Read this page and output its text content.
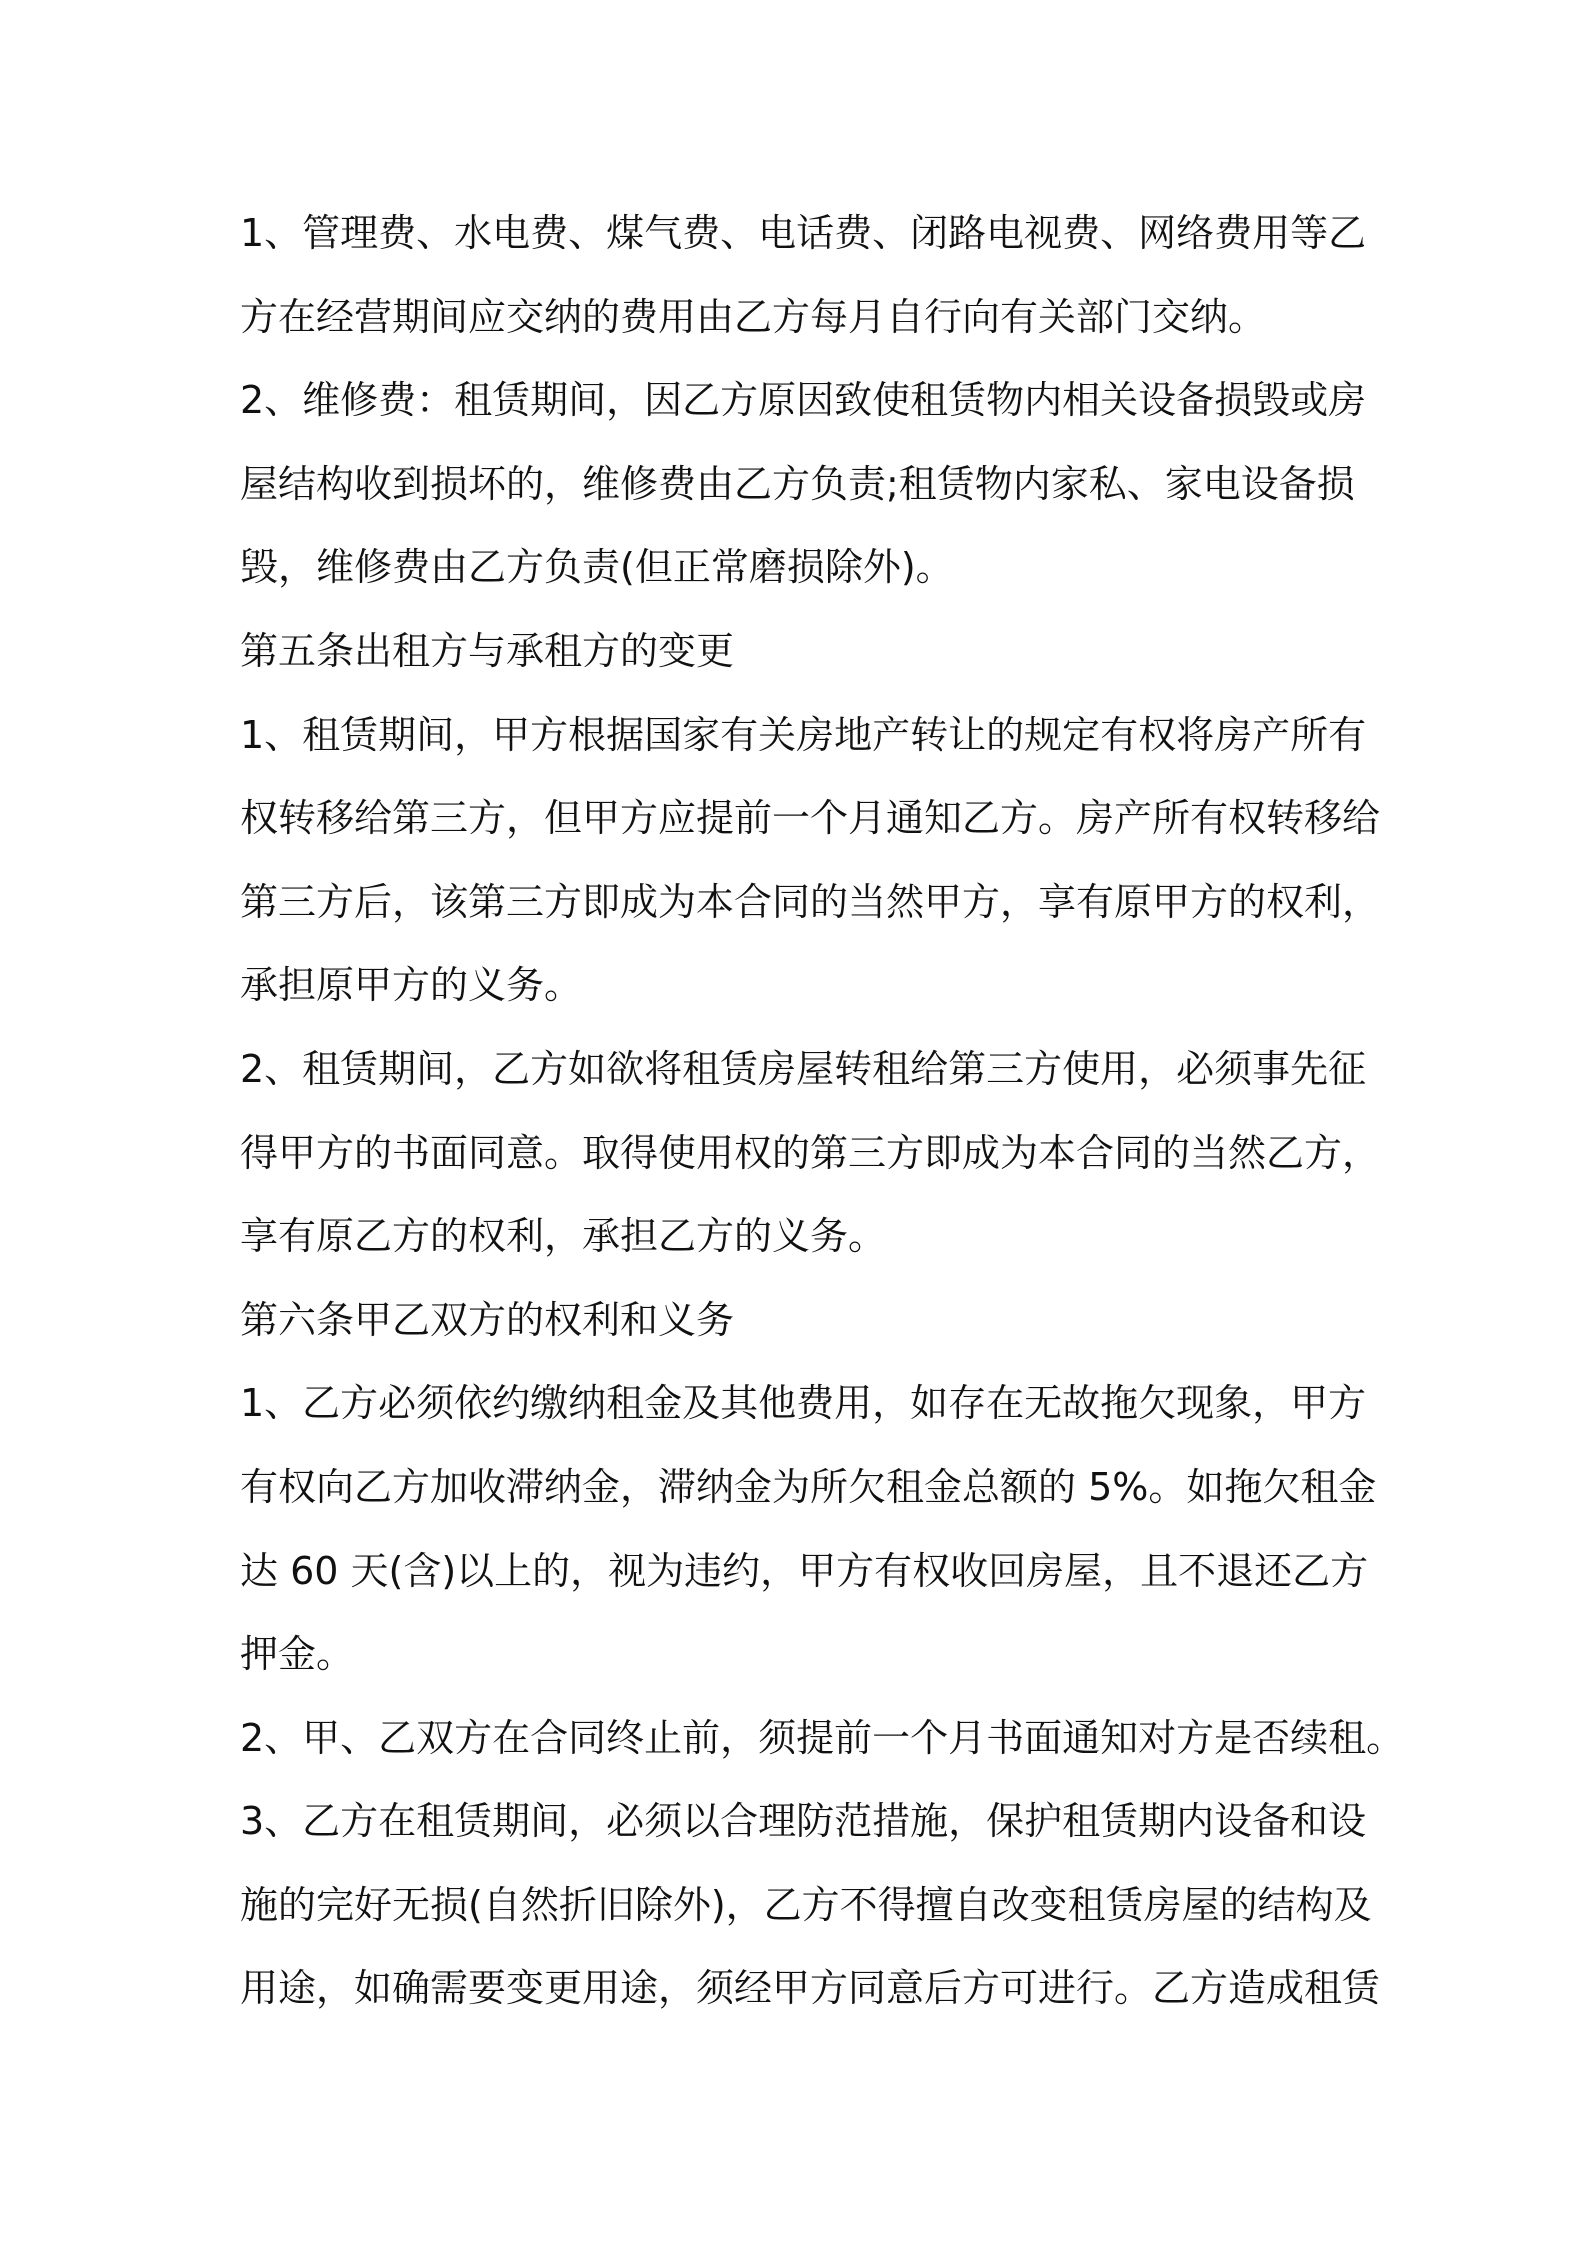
1、管理费、水电费、煤气费、电话费、闭路电视费、网络费用等乙
方在经营期间应交纳的费用由乙方每月自行向有关部门交纳。
2、维修费：租赁期间，因乙方原因致使租赁物内相关设备损毁或房
屋结构收到损坏的，维修费由乙方负责;租赁物内家私、家电设备损
毁，维修费由乙方负责(但正常磨损除外)。
第五条出租方与承租方的变更
1、租赁期间，甲方根据国家有关房地产转让的规定有权将房产所有
权转移给第三方，但甲方应提前一个月通知乙方。房产所有权转移给
第三方后，该第三方即成为本合同的当然甲方，享有原甲方的权利，
承担原甲方的义务。
2、租赁期间，乙方如欲将租赁房屋转租给第三方使用，必须事先征
得甲方的书面同意。取得使用权的第三方即成为本合同的当然乙方，
享有原乙方的权利，承担乙方的义务。
第六条甲乙双方的权利和义务
1、乙方必须依约缴纳租金及其他费用，如存在无故拖欠现象，甲方
有权向乙方加收滞纳金，滞纳金为所欠租金总额的 5%。如拖欠租金
达 60 天(含)以上的，视为违约，甲方有权收回房屋，且不退还乙方
押金。
2、甲、乙双方在合同终止前，须提前一个月书面通知对方是否续租。
3、乙方在租赁期间，必须以合理防范措施，保护租赁期内设备和设
施的完好无损(自然折旧除外)，乙方不得擅自改变租赁房屋的结构及
用途，如确需要变更用途，须经甲方同意后方可进行。乙方造成租赁
